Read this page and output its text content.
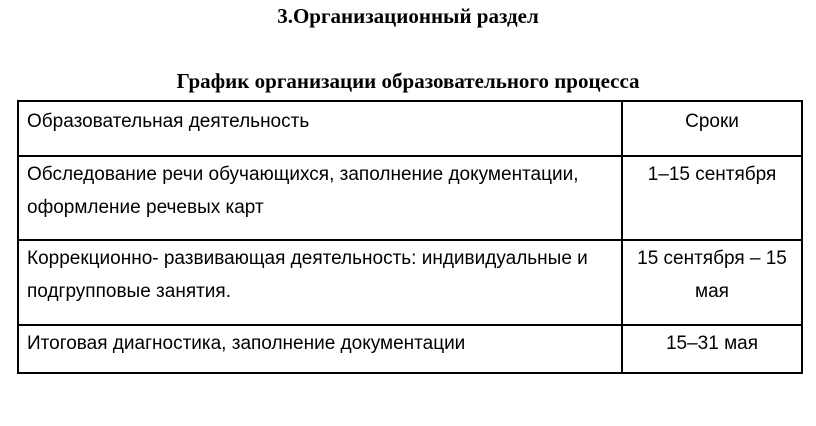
3.Организационный раздел
График организации образовательного процесса
Образовательная деятельность	Сроки
Обследование речи обучающихся, заполнение документации, оформление речевых карт	1–15 сентября
Коррекционно- развивающая деятельность: индивидуальные и подгрупповые занятия.	15 сентября – 15 мая
Итоговая диагностика, заполнение документации	15–31 мая
